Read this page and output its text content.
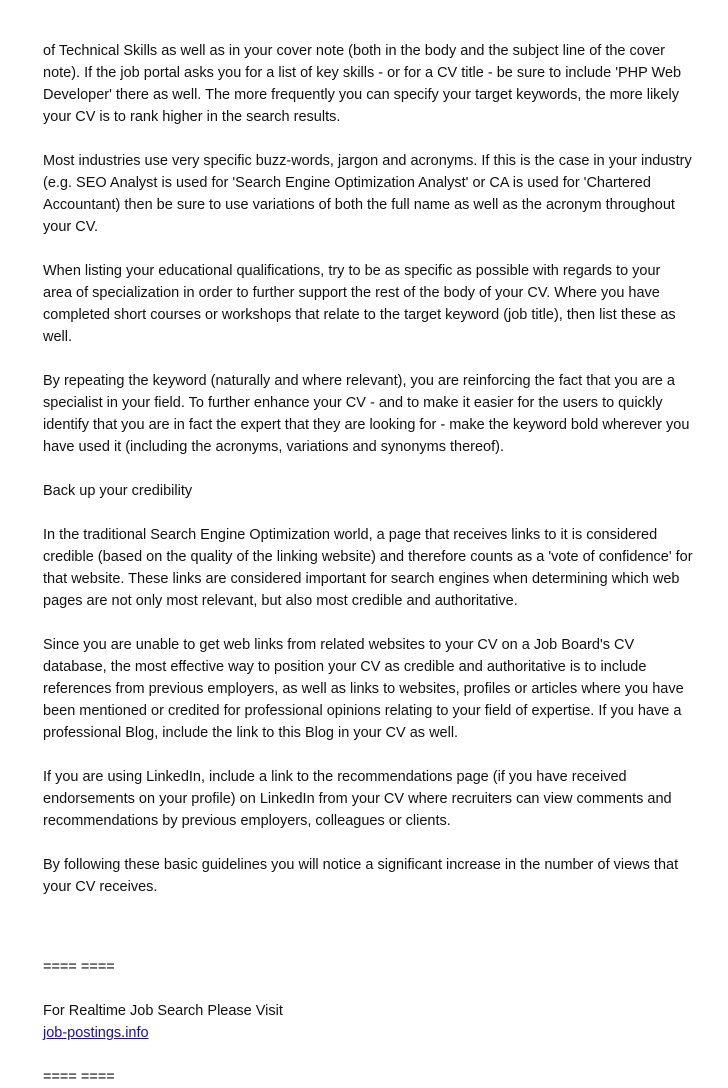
of Technical Skills as well as in your cover note (both in the body and the subject line of the cover note). If the job portal asks you for a list of key skills - or for a CV title - be sure to include 'PHP Web Developer' there as well. The more frequently you can specify your target keywords, the more likely your CV is to rank higher in the search results.

Most industries use very specific buzz-words, jargon and acronyms. If this is the case in your industry (e.g. SEO Analyst is used for 'Search Engine Optimization Analyst' or CA is used for 'Chartered Accountant) then be sure to use variations of both the full name as well as the acronym throughout your CV.

When listing your educational qualifications, try to be as specific as possible with regards to your area of specialization in order to further support the rest of the body of your CV. Where you have completed short courses or workshops that relate to the target keyword (job title), then list these as well.

By repeating the keyword (naturally and where relevant), you are reinforcing the fact that you are a specialist in your field. To further enhance your CV - and to make it easier for the users to quickly identify that you are in fact the expert that they are looking for - make the keyword bold wherever you have used it (including the acronyms, variations and synonyms thereof).

Back up your credibility

In the traditional Search Engine Optimization world, a page that receives links to it is considered credible (based on the quality of the linking website) and therefore counts as a 'vote of confidence' for that website. These links are considered important for search engines when determining which web pages are not only most relevant, but also most credible and authoritative.

Since you are unable to get web links from related websites to your CV on a Job Board's CV database, the most effective way to position your CV as credible and authoritative is to include references from previous employers, as well as links to websites, profiles or articles where you have been mentioned or credited for professional opinions relating to your field of expertise. If you have a professional Blog, include the link to this Blog in your CV as well.

If you are using LinkedIn, include a link to the recommendations page (if you have received endorsements on your profile) on LinkedIn from your CV where recruiters can view comments and recommendations by previous employers, colleagues or clients.

By following these basic guidelines you will notice a significant increase in the number of views that your CV receives.

==== ====

For Realtime Job Search Please Visit

job-postings.info

==== ====
